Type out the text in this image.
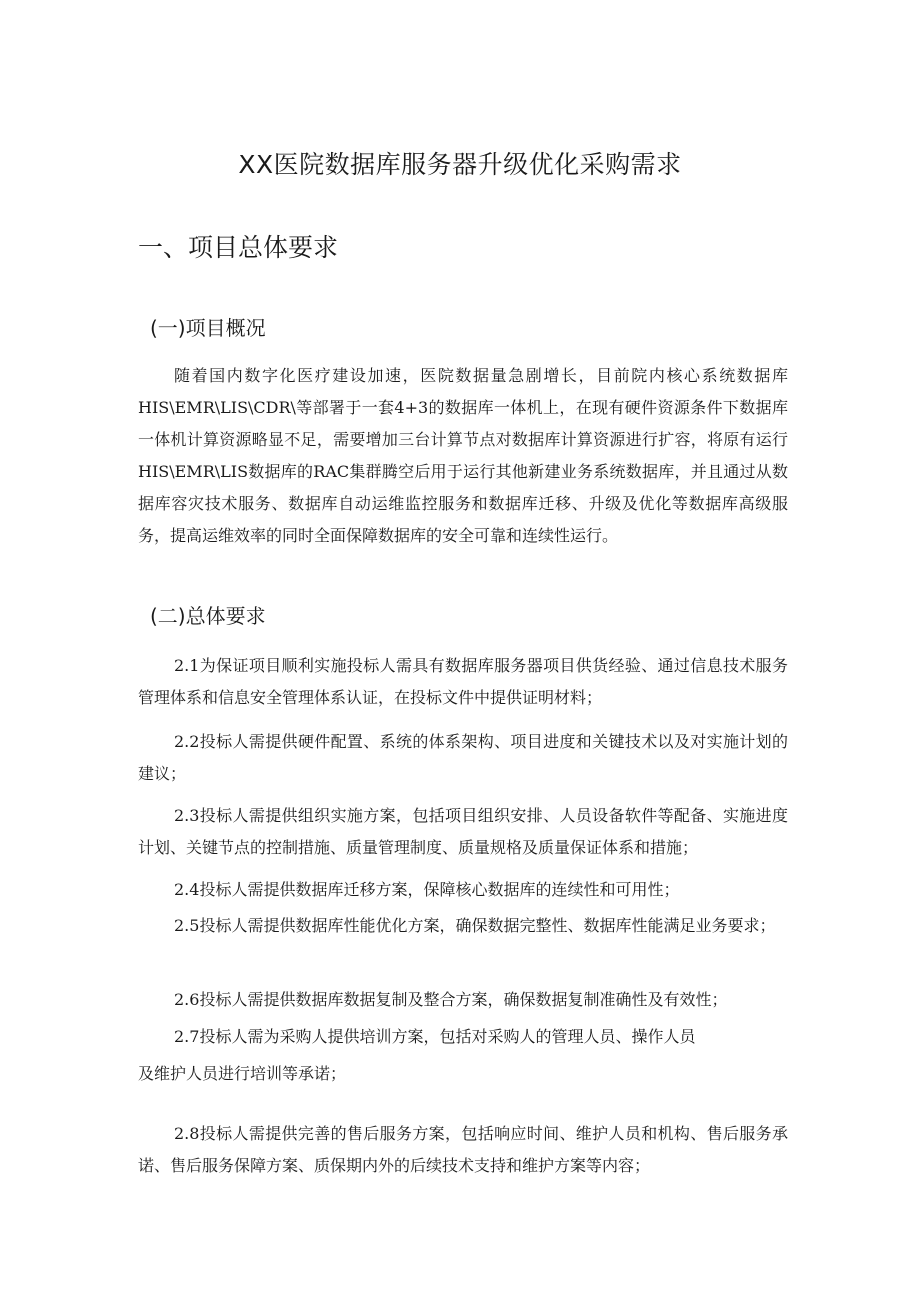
XX医院数据库服务器升级优化采购需求
一、项目总体要求
(一)项目概况
随着国内数字化医疗建设加速，医院数据量急剧增长，目前院内核心系统数据库HIS\EMR\LIS\CDR\等部署于一套4+3的数据库一体机上，在现有硬件资源条件下数据库一体机计算资源略显不足，需要增加三台计算节点对数据库计算资源进行扩容，将原有运行HIS\EMR\LIS数据库的RAC集群腾空后用于运行其他新建业务系统数据库，并且通过从数据库容灾技术服务、数据库自动运维监控服务和数据库迁移、升级及优化等数据库高级服务，提高运维效率的同时全面保障数据库的安全可靠和连续性运行。
(二)总体要求
2.1为保证项目顺利实施投标人需具有数据库服务器项目供货经验、通过信息技术服务管理体系和信息安全管理体系认证，在投标文件中提供证明材料；
2.2投标人需提供硬件配置、系统的体系架构、项目进度和关键技术以及对实施计划的建议；
2.3投标人需提供组织实施方案，包括项目组织安排、人员设备软件等配备、实施进度计划、关键节点的控制措施、质量管理制度、质量规格及质量保证体系和措施；
2.4投标人需提供数据库迁移方案，保障核心数据库的连续性和可用性；
2.5投标人需提供数据库性能优化方案，确保数据完整性、数据库性能满足业务要求；
2.6投标人需提供数据库数据复制及整合方案，确保数据复制准确性及有效性；
2.7投标人需为采购人提供培训方案，包括对采购人的管理人员、操作人员
及维护人员进行培训等承诺；
2.8投标人需提供完善的售后服务方案，包括响应时间、维护人员和机构、售后服务承诺、售后服务保障方案、质保期内外的后续技术支持和维护方案等内容；
